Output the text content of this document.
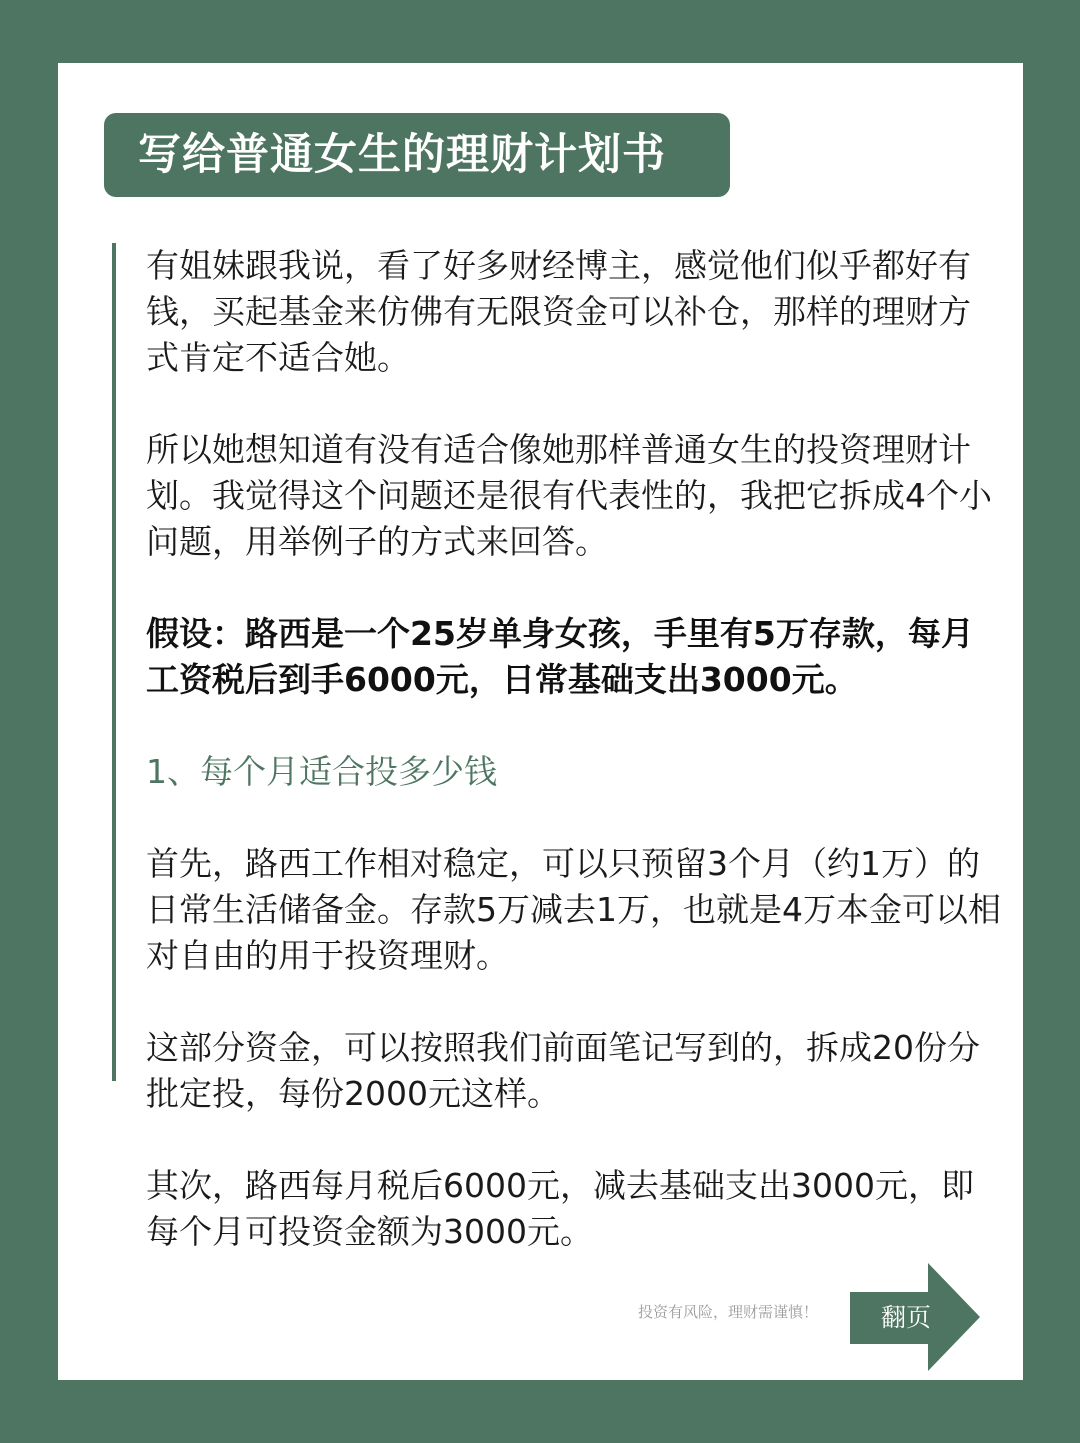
写给普通女生的理财计划书

有姐妹跟我说，看了好多财经博主，感觉他们似乎都好有钱，买起基金来仿佛有无限资金可以补仓，那样的理财方式肯定不适合她。

所以她想知道有没有适合像她那样普通女生的投资理财计划。我觉得这个问题还是很有代表性的，我把它拆成4个小问题，用举例子的方式来回答。

假设：路西是一个25岁单身女孩，手里有5万存款，每月工资税后到手6000元，日常基础支出3000元。

1、每个月适合投多少钱

首先，路西工作相对稳定，可以只预留3个月（约1万）的日常生活储备金。存款5万减去1万，也就是4万本金可以相对自由的用于投资理财。

这部分资金，可以按照我们前面笔记写到的，拆成20份分批定投，每份2000元这样。

其次，路西每月税后6000元，减去基础支出3000元，即每个月可投资金额为3000元。

投资有风险，理财需谨慎！	翻页
